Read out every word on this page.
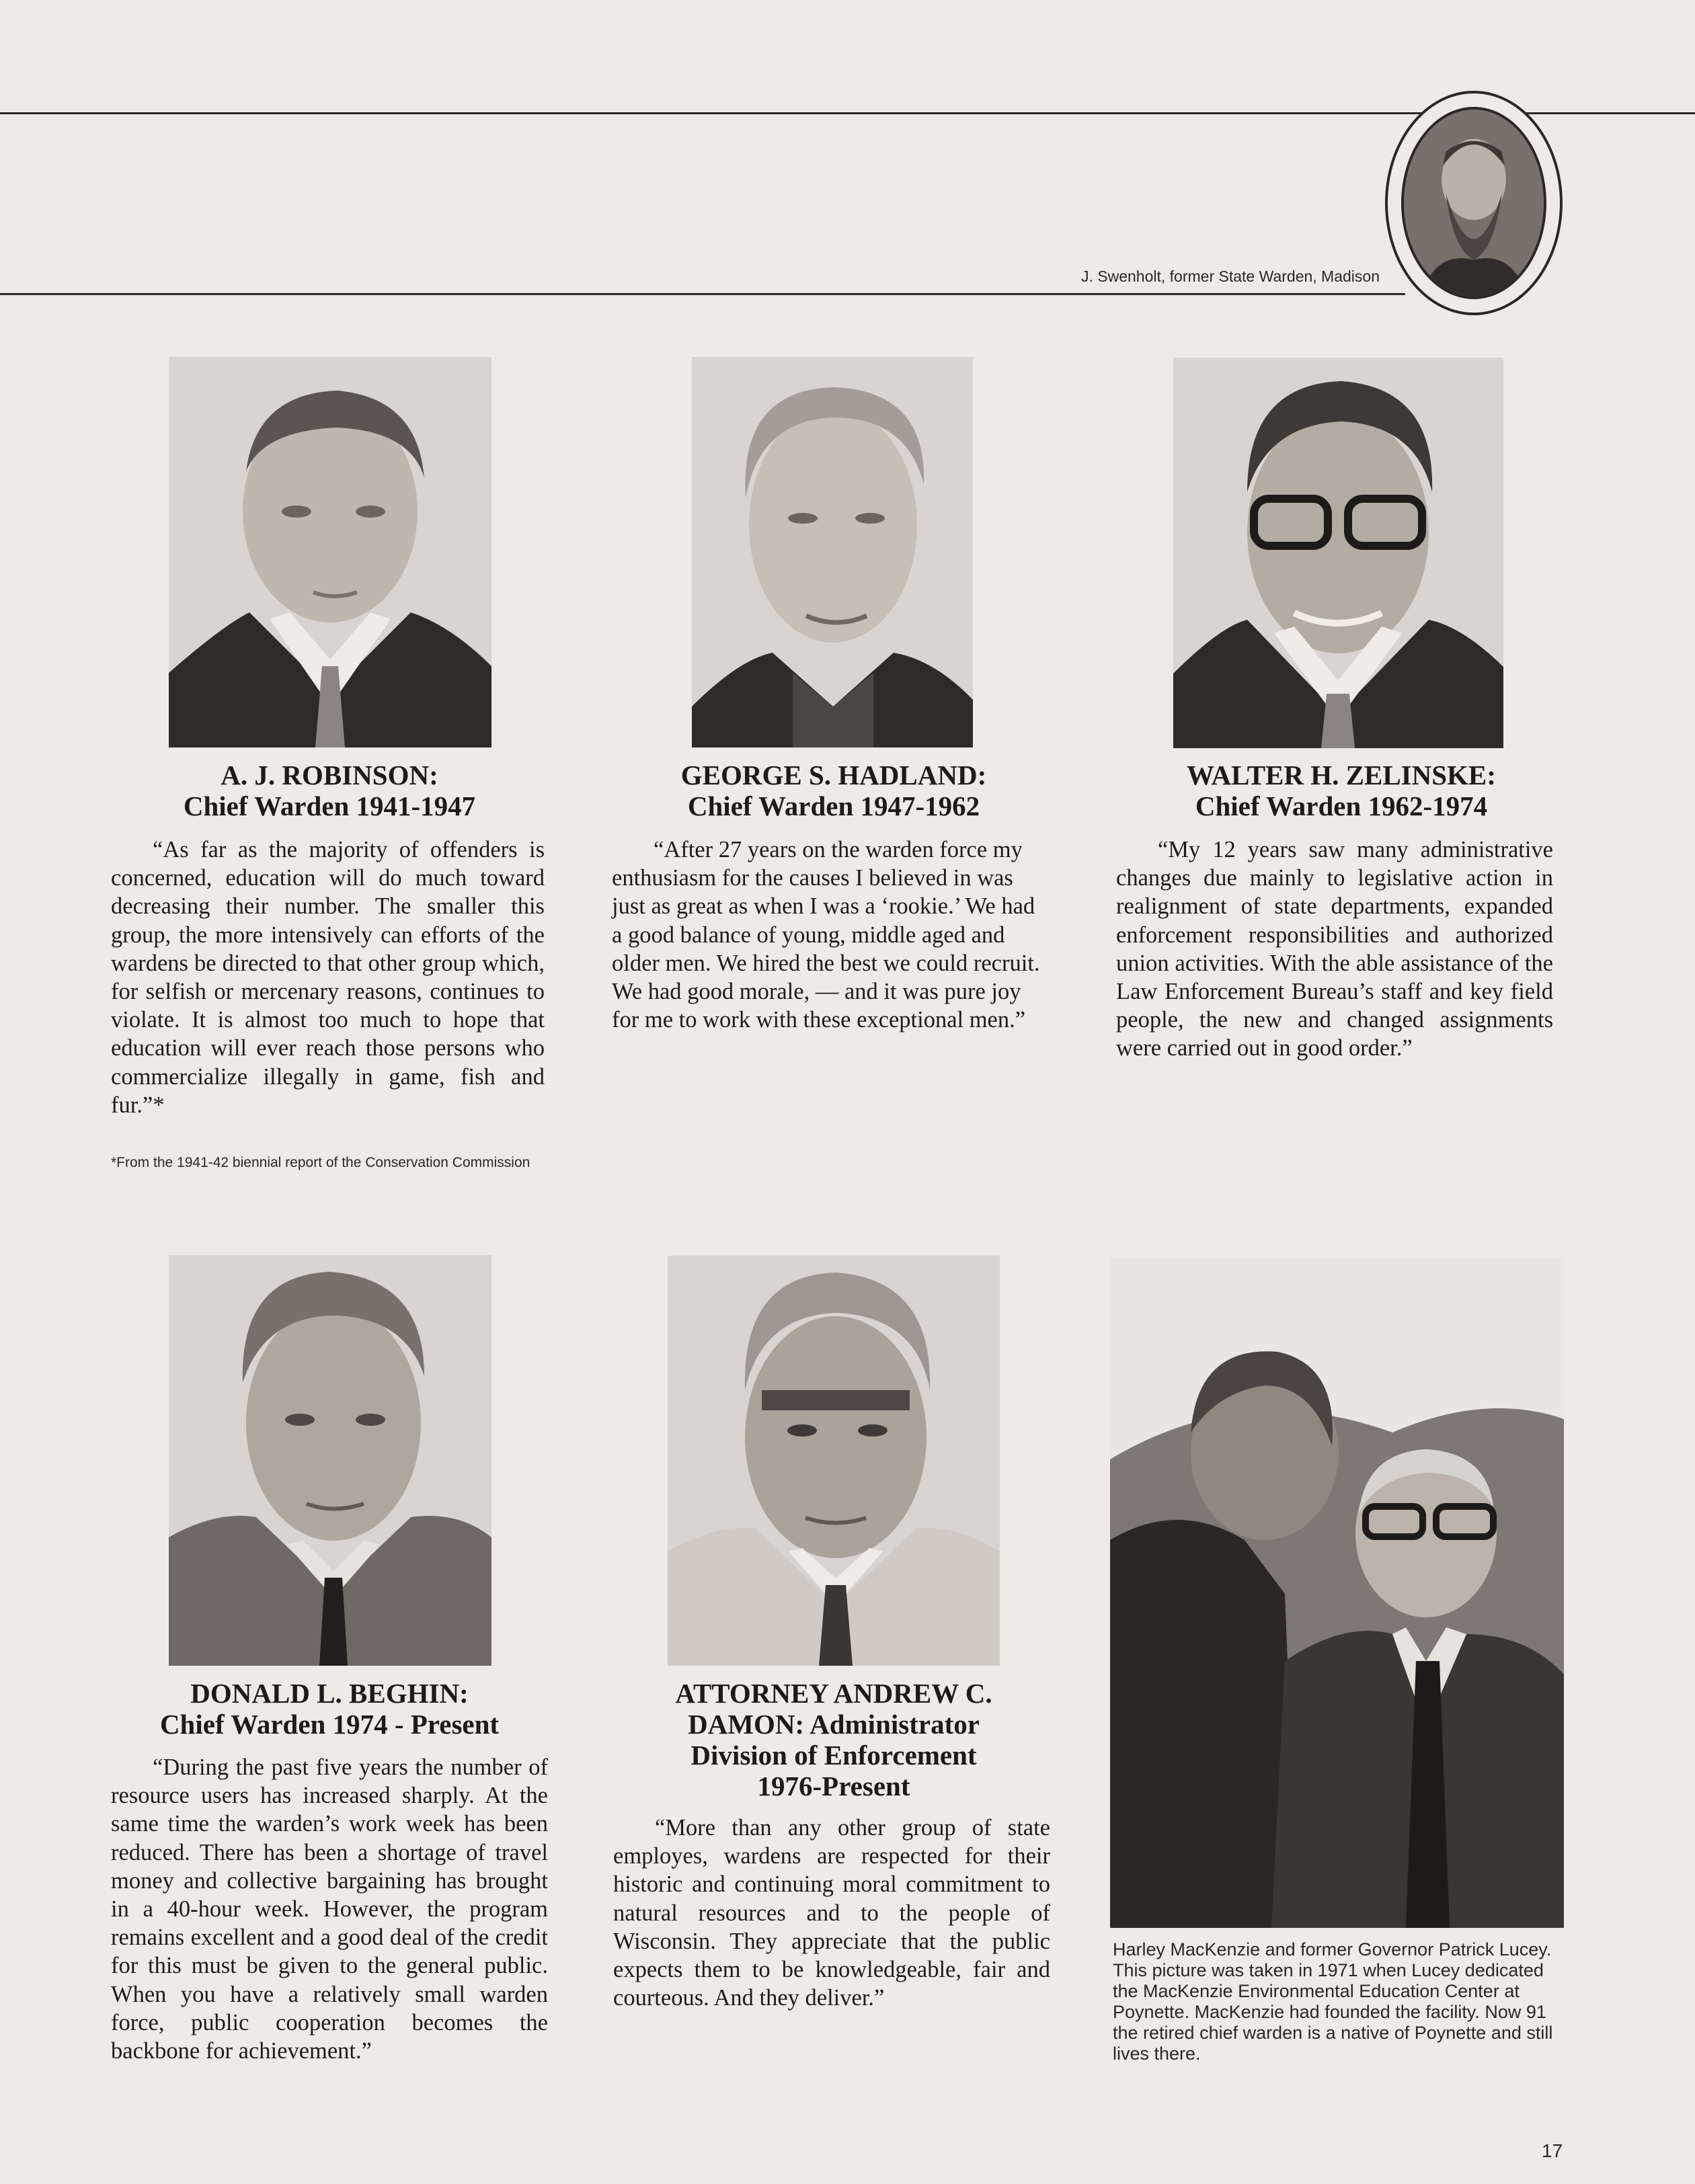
J. Swenholt, former State Warden, Madison
A. J. ROBINSON:
Chief Warden 1941-1947
GEORGE S. HADLAND:
Chief Warden 1947-1962
WALTER H. ZELINSKE:
Chief Warden 1962-1974

“As far as the majority of offenders is concerned, education will do much toward decreasing their number. The smaller this group, the more intensively can efforts of the wardens be directed to that other group which, for selfish or mercenary reasons, continues to violate. It is almost too much to hope that education will ever reach those persons who commercialize illegally in game, fish and fur.”*

*From the 1941-42 biennial report of the Conservation Commission

“After 27 years on the warden force my enthusiasm for the causes I believed in was just as great as when I was a ‘rookie.’ We had a good balance of young, middle aged and older men. We hired the best we could recruit. We had good morale, — and it was pure joy for me to work with these exceptional men.”

“My 12 years saw many administrative changes due mainly to legislative action in realignment of state departments, expanded enforcement responsibilities and authorized union activities. With the able assistance of the Law Enforcement Bureau’s staff and key field people, the new and changed assignments were carried out in good order.”

DONALD L. BEGHIN:
Chief Warden 1974 - Present
ATTORNEY ANDREW C.
DAMON: Administrator
Division of Enforcement
1976-Present

“During the past five years the number of resource users has increased sharply. At the same time the warden’s work week has been reduced. There has been a shortage of travel money and collective bargaining has brought in a 40-hour week. However, the program remains excellent and a good deal of the credit for this must be given to the general public. When you have a relatively small warden force, public cooperation becomes the backbone for achievement.”

“More than any other group of state employes, wardens are respected for their historic and continuing moral commitment to natural resources and to the people of Wisconsin. They appreciate that the public expects them to be knowledgeable, fair and courteous. And they deliver.”

Harley MacKenzie and former Governor Patrick Lucey. This picture was taken in 1971 when Lucey dedicated the MacKenzie Environmental Education Center at Poynette. MacKenzie had founded the facility. Now 91 the retired chief warden is a native of Poynette and still lives there.
17
